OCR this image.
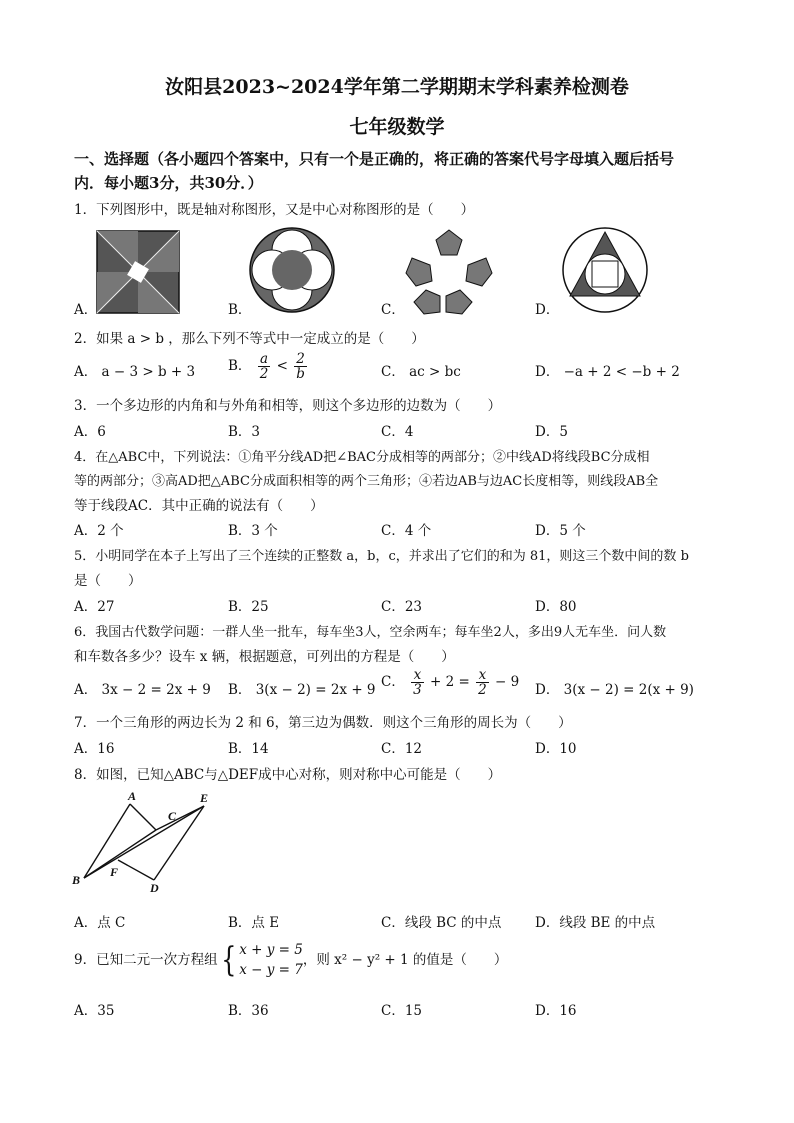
汝阳县2023~2024学年第二学期期末学科素养检测卷
七年级数学
一、选择题（各小题四个答案中，只有一个是正确的，将正确的答案代号字母填入题后括号
内．每小题3分，共30分．）
1．下列图形中，既是轴对称图形，又是中心对称图形的是（　　）
A．	B．	C．	D．
2．如果 a > b ，那么下列不等式中一定成立的是（　　）
A． a − 3 > b + 3 B． $\frac{a}{2} < \frac{2}{b}$	C． ac > bc	D． −a + 2 < −b + 2
3．一个多边形的内角和与外角和相等，则这个多边形的边数为（　　）
A．6	B．3	C．4	D．5
4．在△ABC中，下列说法：①角平分线AD把∠BAC分成相等的两部分；②中线AD将线段BC分成相
等的两部分；③高AD把△ABC分成面积相等的两个三角形；④若边AB与边AC长度相等，则线段AB全
等于线段AC．其中正确的说法有（　　）
A．2 个	B．3 个	C．4 个	D．5 个
5．小明同学在本子上写出了三个连续的正整数 a，b，c，并求出了它们的和为 81，则这三个数中间的数 b
是（　　）
A．27	B．25	C．23	D．80
6．我国古代数学问题：一群人坐一批车，每车坐3人，空余两车；每车坐2人，多出9人无车坐．问人数
和车数各多少？设车 x 辆，根据题意，可列出的方程是（　　）
A． 3x − 2 = 2x + 9 B． 3(x − 2) = 2x + 9 C． $\frac{x}{3} + 2 = \frac{x}{2} - 9$ D． 3(x − 2) = 2(x + 9)
7．一个三角形的两边长为 2 和 6，第三边为偶数．则这个三角形的周长为（　　）
A．16	B．14	C．12	D．10
8．如图，已知△ABC与△DEF成中心对称，则对称中心可能是（　　）
A
C
E
B
F
D
A．点 C	B．点 E	C．线段 BC 的中点 D．线段 BE 的中点
9．已知二元一次方程组{ x + y = 5
x − y = 7
，则 x² − y² + 1 的值是（　　）
A．35	B．36	C．15	D．16
